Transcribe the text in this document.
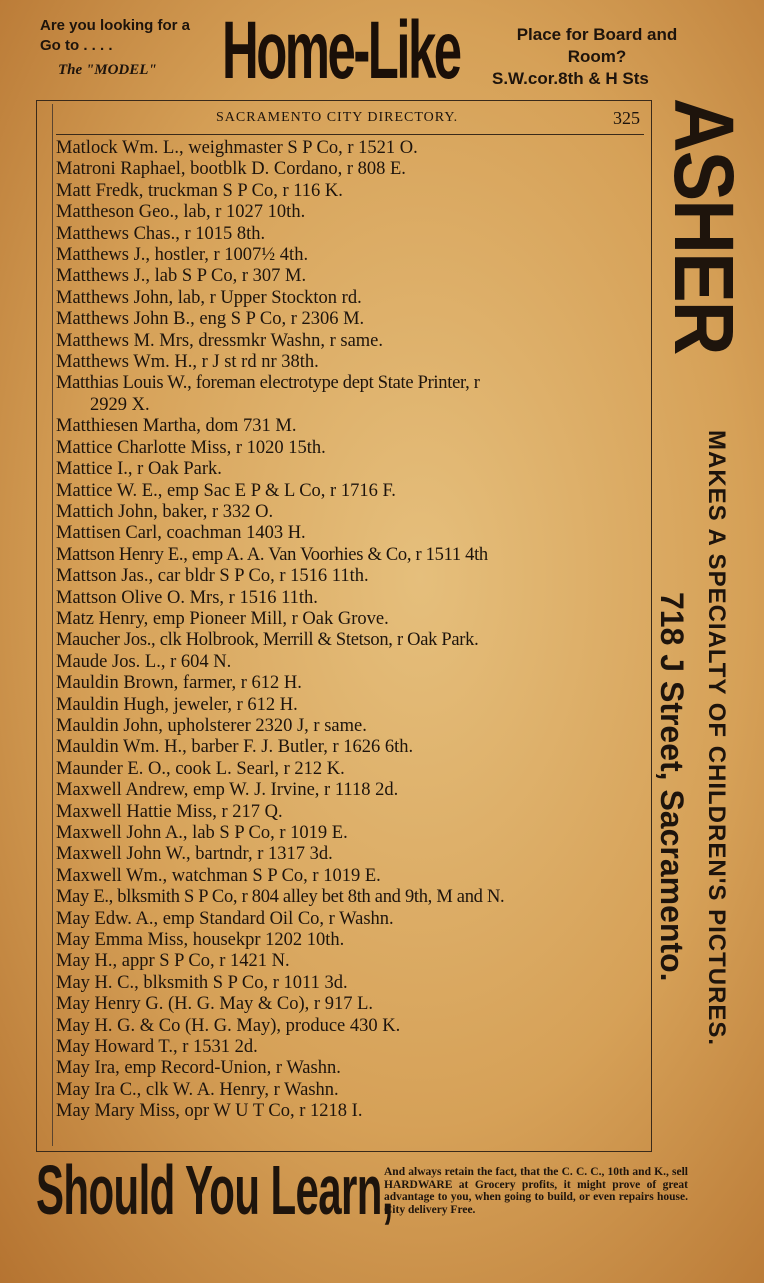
Are you looking for a
Go to . . . .
The "MODEL" Home-Like	Place for Board and
Room?
S.W.cor.8th & H Sts
SACRAMENTO CITY DIRECTORY.	325
Matlock Wm. L., weighmaster S P Co, r 1521 O.
Matroni Raphael, bootblk D. Cordano, r 808 E.
Matt Fredk, truckman S P Co, r 116 K.
Mattheson Geo., lab, r 1027 10th.
Matthews Chas., r 1015 8th.
Matthews J., hostler, r 1007½ 4th.
Matthews J., lab S P Co, r 307 M.
Matthews John, lab, r Upper Stockton rd.
Matthews John B., eng S P Co, r 2306 M.
Matthews M. Mrs, dressmkr Washn, r same.
Matthews Wm. H., r J st rd nr 38th.
Matthias Louis W., foreman electrotype dept State Printer, r
2929 X.
Matthiesen Martha, dom 731 M.
Mattice Charlotte Miss, r 1020 15th.
Mattice I., r Oak Park.
Mattice W. E., emp Sac E P & L Co, r 1716 F.
Mattich John, baker, r 332 O.
Mattisen Carl, coachman 1403 H.
Mattson Henry E., emp A. A. Van Voorhies & Co, r 1511 4th
Mattson Jas., car bldr S P Co, r 1516 11th.
Mattson Olive O. Mrs, r 1516 11th.
Matz Henry, emp Pioneer Mill, r Oak Grove.
Maucher Jos., clk Holbrook, Merrill & Stetson, r Oak Park.
Maude Jos. L., r 604 N.
Mauldin Brown, farmer, r 612 H.
Mauldin Hugh, jeweler, r 612 H.
Mauldin John, upholsterer 2320 J, r same.
Mauldin Wm. H., barber F. J. Butler, r 1626 6th.
Maunder E. O., cook L. Searl, r 212 K.
Maxwell Andrew, emp W. J. Irvine, r 1118 2d.
Maxwell Hattie Miss, r 217 Q.
Maxwell John A., lab S P Co, r 1019 E.
Maxwell John W., bartndr, r 1317 3d.
Maxwell Wm., watchman S P Co, r 1019 E.
May E., blksmith S P Co, r 804 alley bet 8th and 9th, M and N.
May Edw. A., emp Standard Oil Co, r Washn.
May Emma Miss, housekpr 1202 10th.
May H., appr S P Co, r 1421 N.
May H. C., blksmith S P Co, r 1011 3d.
May Henry G. (H. G. May & Co), r 917 L.
May H. G. & Co (H. G. May), produce 430 K.
May Howard T., r 1531 2d.
May Ira, emp Record-Union, r Washn.
May Ira C., clk W. A. Henry, r Washn.
May Mary Miss, opr W U T Co, r 1218 I.
ASHER
MAKES A SPECIALTY OF CHILDREN'S PICTURES.
718 J Street, Sacramento.
Should You Learn,
And always retain the fact, that the C. C. C., 10th and K., sell HARDWARE at Grocery profits, it might prove of great advantage to you, when going to build, or even repairs house. City delivery Free.
